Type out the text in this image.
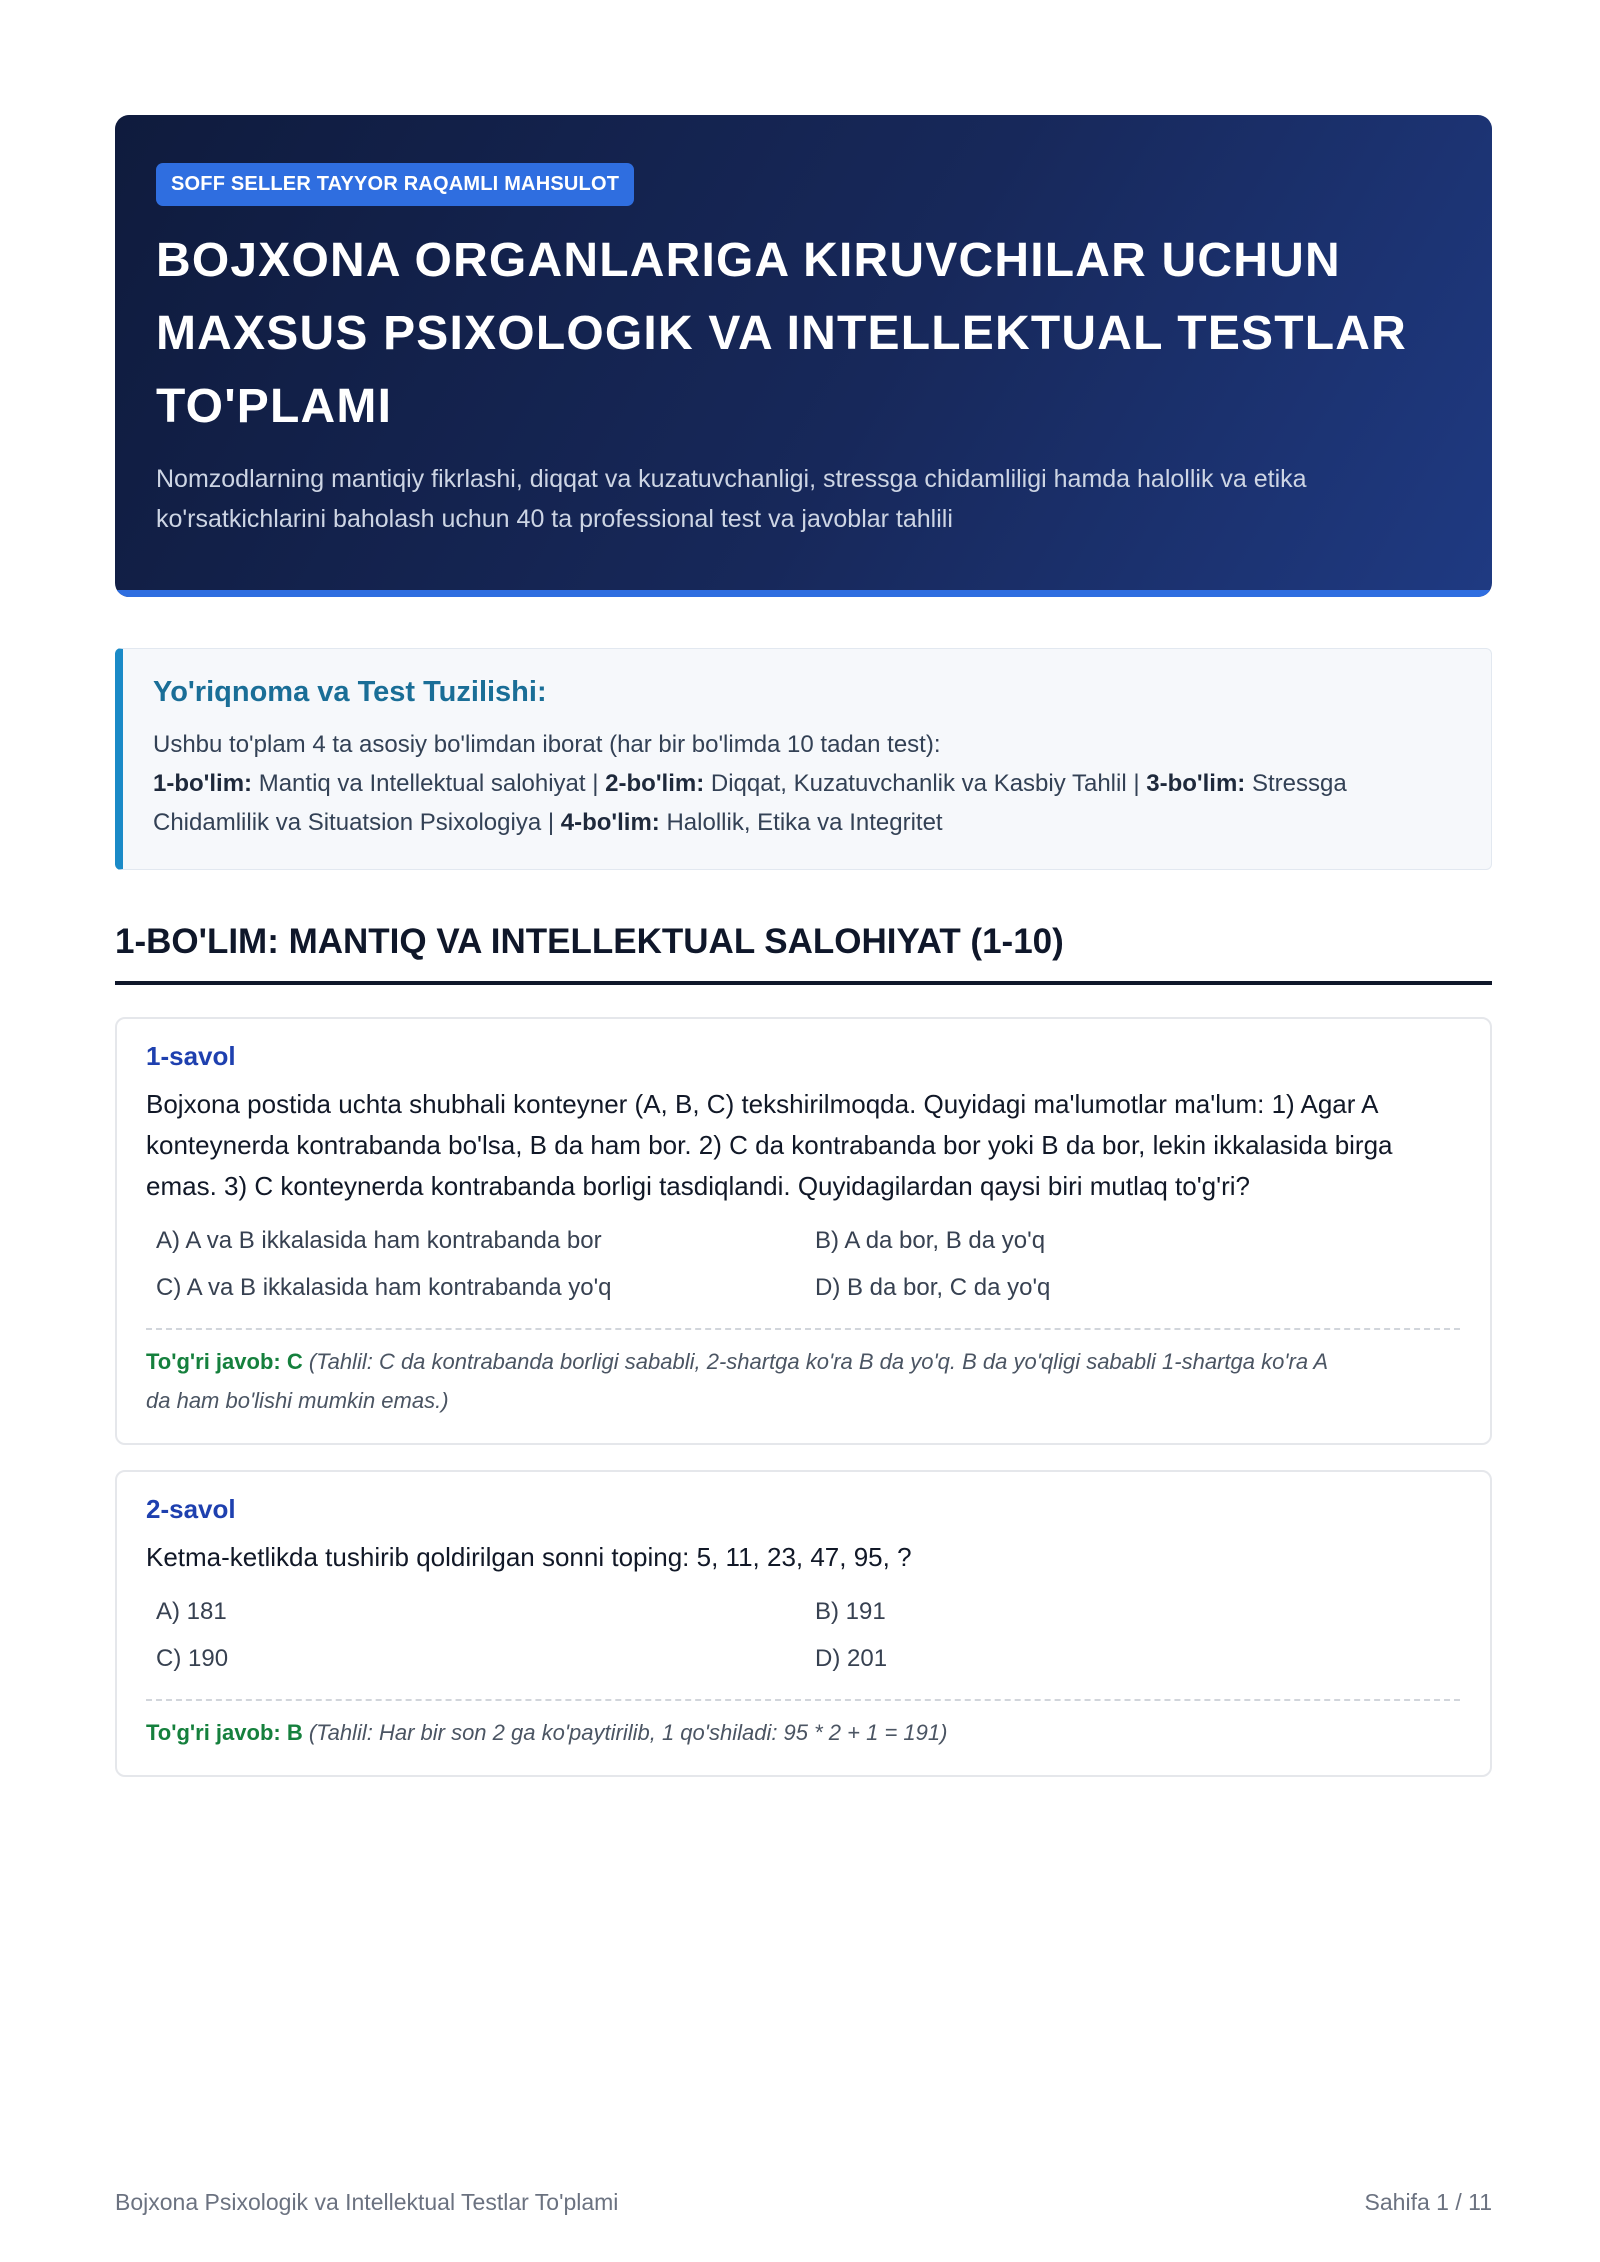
SOFF SELLER TAYYOR RAQAMLI MAHSULOT
BOJXONA ORGANLARIGA KIRUVCHILAR UCHUN
MAXSUS PSIXOLOGIK VA INTELLEKTUAL TESTLAR
TO'PLAMI

Nomzodlarning mantiqiy fikrlashi, diqqat va kuzatuvchanligi, stressga chidamliligi hamda halollik va etika
ko'rsatkichlarini baholash uchun 40 ta professional test va javoblar tahlili

Yo'riqnoma va Test Tuzilishi:
Ushbu to'plam 4 ta asosiy bo'limdan iborat (har bir bo'limda 10 tadan test):
1-bo'lim: Mantiq va Intellektual salohiyat | 2-bo'lim: Diqqat, Kuzatuvchanlik va Kasbiy Tahlil | 3-bo'lim: Stressga Chidamlilik va Situatsion Psixologiya | 4-bo'lim: Halollik, Etika va Integritet
1-BO'LIM: MANTIQ VA INTELLEKTUAL SALOHIYAT (1-10)
1-savol

Bojxona postida uchta shubhali konteyner (A, B, C) tekshirilmoqda. Quyidagi ma'lumotlar ma'lum: 1) Agar A
konteynerda kontrabanda bo'lsa, B da ham bor. 2) C da kontrabanda bor yoki B da bor, lekin ikkalasida birga
emas. 3) C konteynerda kontrabanda borligi tasdiqlandi. Quyidagilardan qaysi biri mutlaq to'g'ri?

A) A va B ikkalasida ham kontrabanda bor	B) A da bor, B da yo'q
C) A va B ikkalasida ham kontrabanda yo'q	D) B da bor, C da yo'q
To'g'ri javob: C (Tahlil: C da kontrabanda borligi sababli, 2-shartga ko'ra B da yo'q. B da yo'qligi sababli 1-shartga ko'ra A
da ham bo'lishi mumkin emas.)
2-savol

Ketma-ketlikda tushirib qoldirilgan sonni toping: 5, 11, 23, 47, 95, ?

A) 181	B) 191
C) 190	D) 201
To'g'ri javob: B (Tahlil: Har bir son 2 ga ko'paytirilib, 1 qo'shiladi: 95 * 2 + 1 = 191)
Bojxona Psixologik va Intellektual Testlar To'plami	Sahifa 1 / 11
